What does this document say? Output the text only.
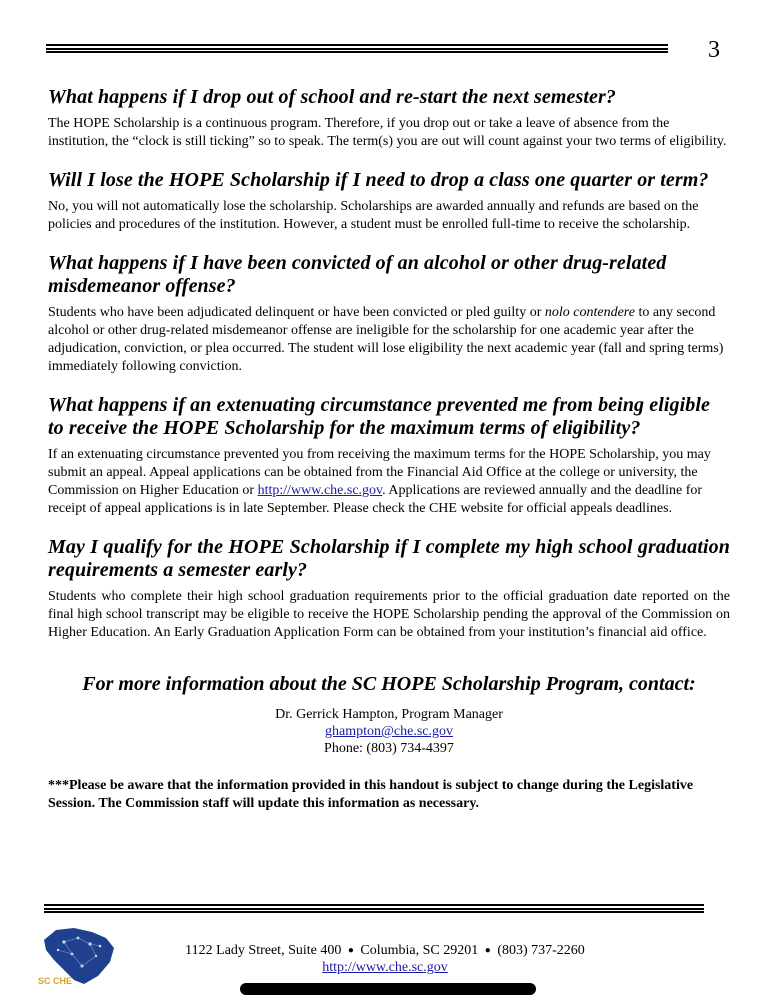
3
What happens if I drop out of school and re-start the next semester?
The HOPE Scholarship is a continuous program. Therefore, if you drop out or take a leave of absence from the institution, the “clock is still ticking” so to speak. The term(s) you are out will count against your two terms of eligibility.
Will I lose the HOPE Scholarship if I need to drop a class one quarter or term?
No, you will not automatically lose the scholarship. Scholarships are awarded annually and refunds are based on the policies and procedures of the institution. However, a student must be enrolled full-time to receive the scholarship.
What happens if I have been convicted of an alcohol or other drug-related misdemeanor offense?
Students who have been adjudicated delinquent or have been convicted or pled guilty or nolo contendere to any second alcohol or other drug-related misdemeanor offense are ineligible for the scholarship for one academic year after the adjudication, conviction, or plea occurred. The student will lose eligibility the next academic year (fall and spring terms) immediately following conviction.
What happens if an extenuating circumstance prevented me from being eligible to receive the HOPE Scholarship for the maximum terms of eligibility?
If an extenuating circumstance prevented you from receiving the maximum terms for the HOPE Scholarship, you may submit an appeal. Appeal applications can be obtained from the Financial Aid Office at the college or university, the Commission on Higher Education or http://www.che.sc.gov. Applications are reviewed annually and the deadline for receipt of appeal applications is in late September. Please check the CHE website for official appeals deadlines.
May I qualify for the HOPE Scholarship if I complete my high school graduation requirements a semester early?
Students who complete their high school graduation requirements prior to the official graduation date reported on the final high school transcript may be eligible to receive the HOPE Scholarship pending the approval of the Commission on Higher Education. An Early Graduation Application Form can be obtained from your institution’s financial aid office.
For more information about the SC HOPE Scholarship Program, contact:
Dr. Gerrick Hampton, Program Manager
ghampton@che.sc.gov
Phone: (803) 734-4397
***Please be aware that the information provided in this handout is subject to change during the Legislative Session. The Commission staff will update this information as necessary.
SC CHE
1122 Lady Street, Suite 400 ● Columbia, SC 29201 ● (803) 737-2260
http://www.che.sc.gov
